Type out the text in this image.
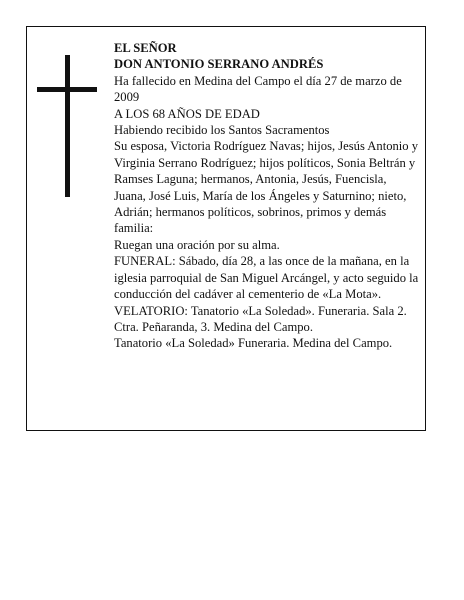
EL SEÑOR

DON ANTONIO SERRANO ANDRÉS

Ha fallecido en Medina del Campo el día 27 de marzo de 2009

A LOS 68 AÑOS DE EDAD

Habiendo recibido los Santos Sacramentos

Su esposa, Victoria Rodríguez Navas; hijos, Jesús Antonio y Virginia Serrano Rodríguez; hijos políticos, Sonia Beltrán y Ramses Laguna; hermanos, Antonia, Jesús, Fuencisla, Juana, José Luis, María de los Ángeles y Saturnino; nieto, Adrián; hermanos políticos, sobrinos, primos y demás familia:

Ruegan una oración por su alma.

FUNERAL: Sábado, día 28, a las once de la mañana, en la iglesia parroquial de San Miguel Arcángel, y acto seguido la conducción del cadáver al cementerio de «La Mota».

VELATORIO: Tanatorio «La Soledad». Funeraria. Sala 2. Ctra. Peñaranda, 3. Medina del Campo.

Tanatorio «La Soledad» Funeraria. Medina del Campo.
